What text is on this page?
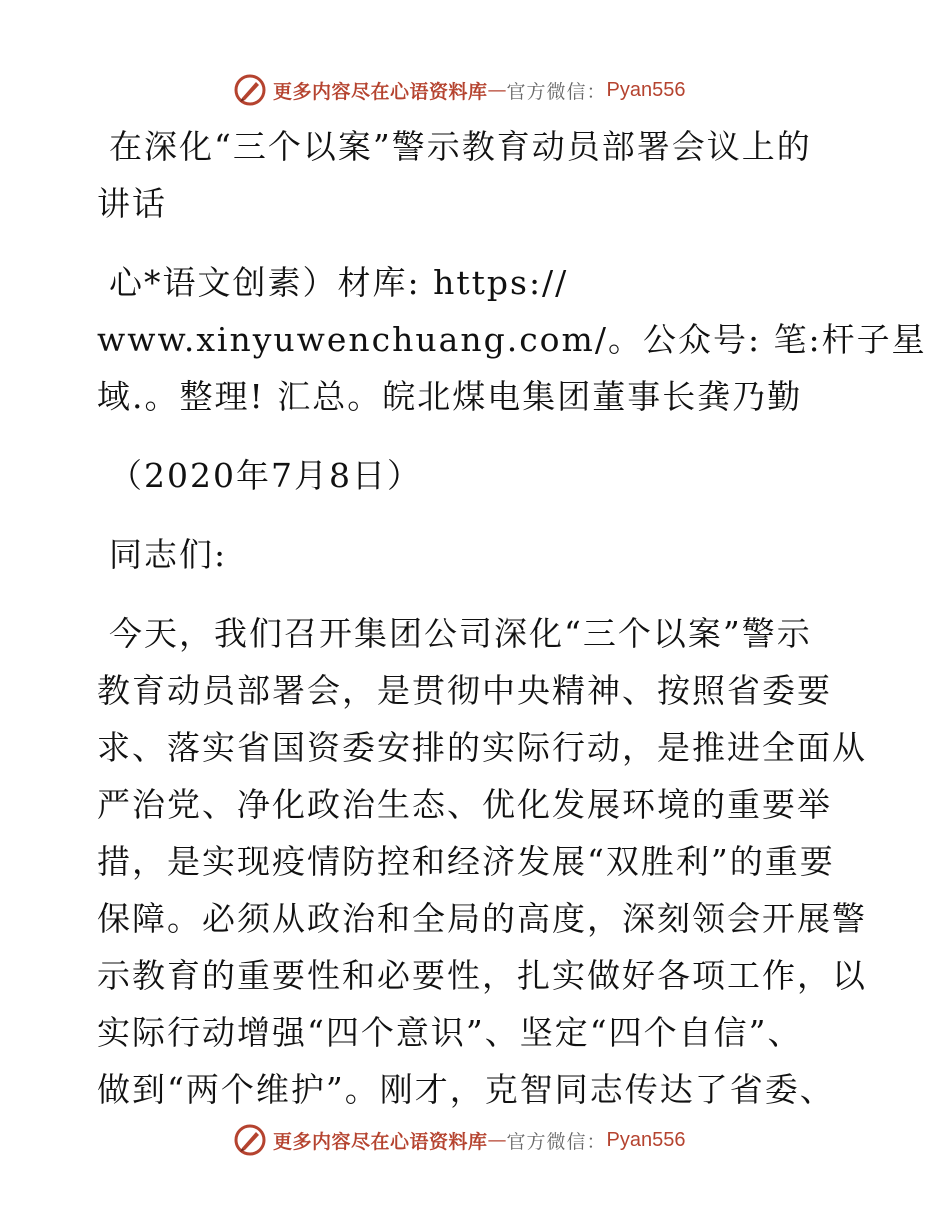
更多内容尽在心语资料库 — 官方微信： Pyan556
在深化“三个以案”警示教育动员部署会议上的
讲话
心*语文创素）材库: https://
www.xinyuwenchuang.com/。公众号: 笔:杆子星
域.。整理! 汇总。皖北煤电集团董事长龚乃勤
（2020年7月8日）
同志们:
今天，我们召开集团公司深化“三个以案”警示
教育动员部署会，是贯彻中央精神、按照省委要
求、落实省国资委安排的实际行动，是推进全面从
严治党、净化政治生态、优化发展环境的重要举
措，是实现疫情防控和经济发展“双胜利”的重要
保障。必须从政治和全局的高度，深刻领会开展警
示教育的重要性和必要性，扎实做好各项工作，以
实际行动增强“四个意识”、坚定“四个自信”、
做到“两个维护”。刚才，克智同志传达了省委、
更多内容尽在心语资料库 — 官方微信： Pyan556
